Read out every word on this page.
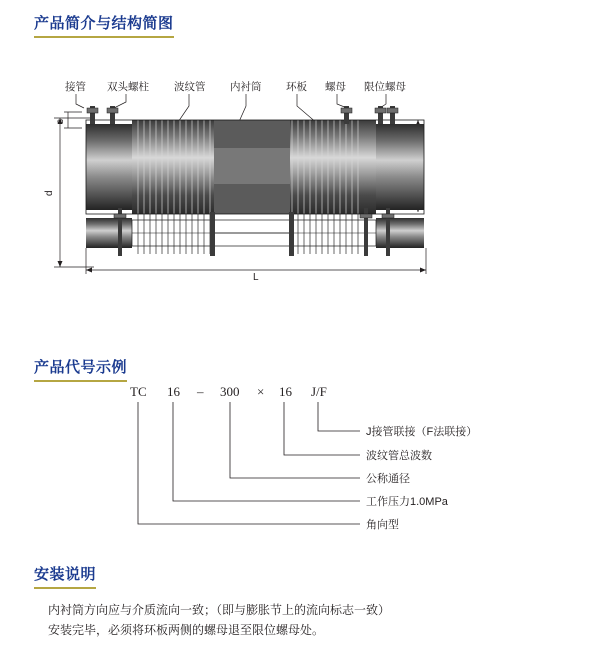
产品简介与结构简图
接管 双头螺柱 波纹管 内衬筒 环板 螺母 限位螺母
d
s
L
产品代号示例
TC 16 – 300 × 16 J/F
J接管联接（F法联接）
波纹管总波数
公称通径
工作压力1.0MPa
角向型
安装说明

内衬筒方向应与介质流向一致；（即与膨胀节上的流向标志一致）

安装完毕，必须将环板两侧的螺母退至限位螺母处。
